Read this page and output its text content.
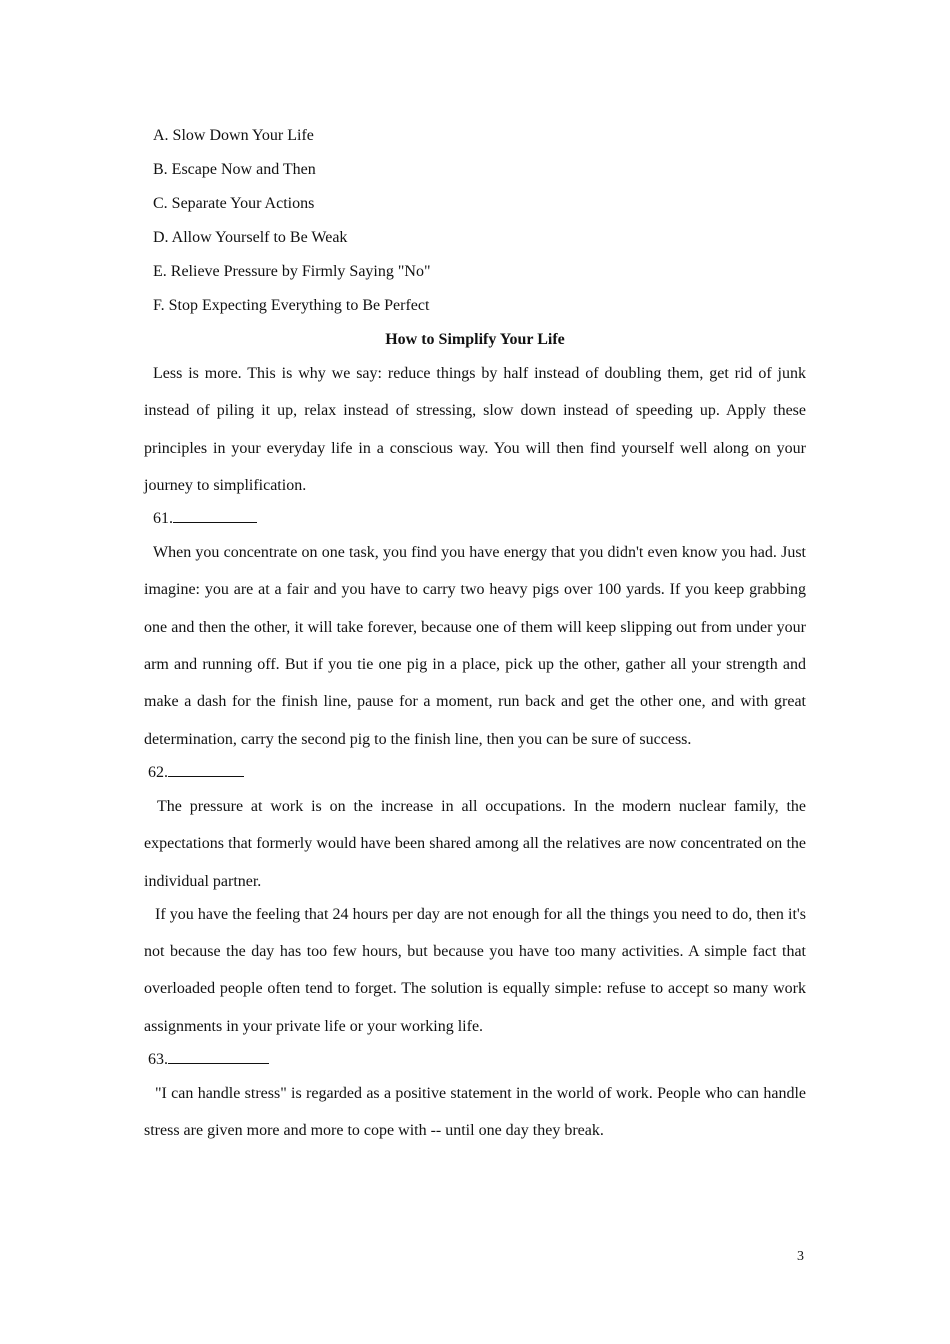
A. Slow Down Your Life
B. Escape Now and Then
C. Separate Your Actions
D. Allow Yourself to Be Weak
E. Relieve Pressure by Firmly Saying "No"
F. Stop Expecting Everything to Be Perfect
How to Simplify Your Life

Less is more. This is why we say: reduce things by half instead of doubling them, get rid of junk instead of piling it up, relax instead of stressing, slow down instead of speeding up. Apply these principles in your everyday life in a conscious way. You will then find yourself well along on your journey to simplification.

61.

When you concentrate on one task, you find you have energy that you didn't even know you had. Just imagine: you are at a fair and you have to carry two heavy pigs over 100 yards. If you keep grabbing one and then the other, it will take forever, because one of them will keep slipping out from under your arm and running off. But if you tie one pig in a place, pick up the other, gather all your strength and make a dash for the finish line, pause for a moment, run back and get the other one, and with great determination, carry the second pig to the finish line, then you can be sure of success.

62.

The pressure at work is on the increase in all occupations. In the modern nuclear family, the expectations that formerly would have been shared among all the relatives are now concentrated on the individual partner.

If you have the feeling that 24 hours per day are not enough for all the things you need to do, then it's not because the day has too few hours, but because you have too many activities. A simple fact that overloaded people often tend to forget. The solution is equally simple: refuse to accept so many work assignments in your private life or your working life.

63.

"I can handle stress" is regarded as a positive statement in the world of work. People who can handle stress are given more and more to cope with -- until one day they break.

3
